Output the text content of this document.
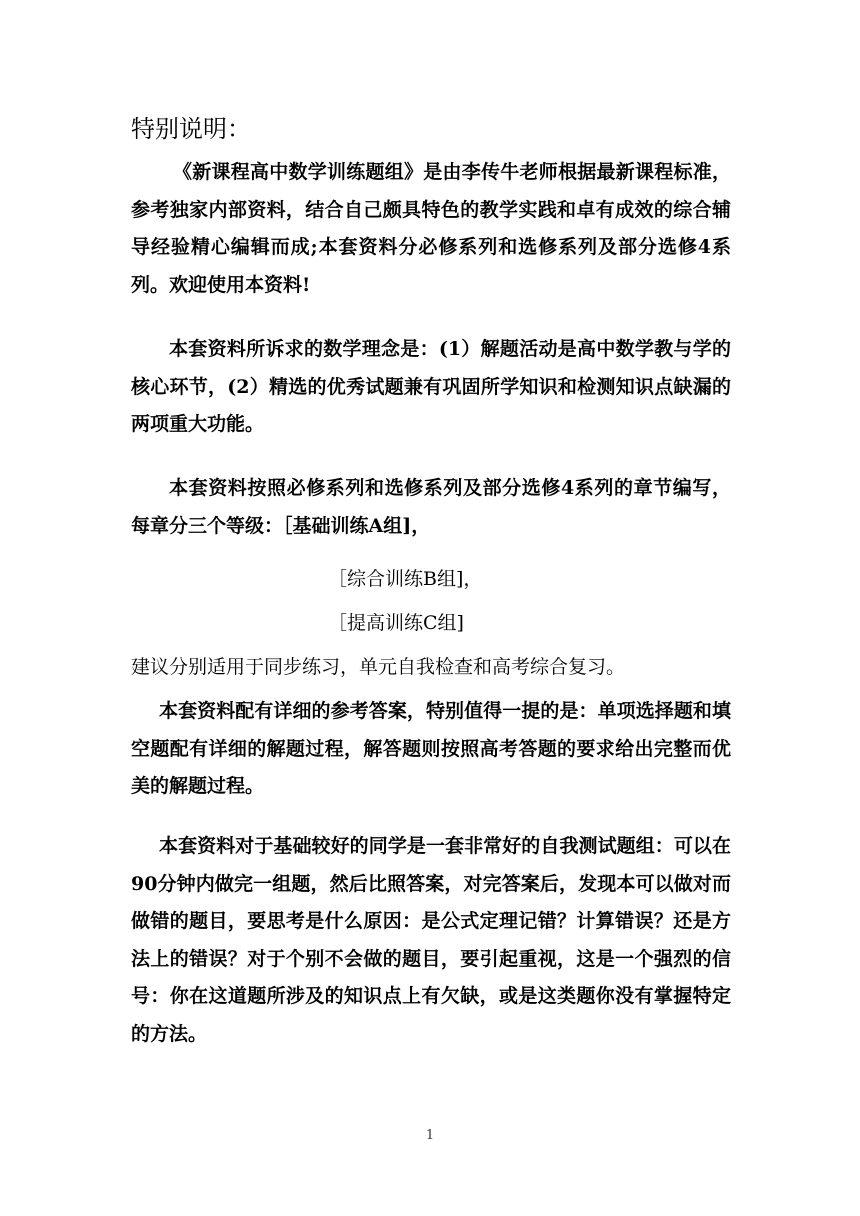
特别说明：

《新课程高中数学训练题组》是由李传牛老师根据最新课程标准，参考独家内部资料，结合自己颇具特色的教学实践和卓有成效的综合辅导经验精心编辑而成;本套资料分必修系列和选修系列及部分选修4系列。欢迎使用本资料!

本套资料所诉求的数学理念是：(1）解题活动是高中数学教与学的核心环节，(2）精选的优秀试题兼有巩固所学知识和检测知识点缺漏的两项重大功能。

本套资料按照必修系列和选修系列及部分选修4系列的章节编写，每章分三个等级：［基础训练A组]，

［综合训练B组]，
［提高训练C组]

建议分别适用于同步练习，单元自我检查和高考综合复习。

本套资料配有详细的参考答案，特别值得一提的是：单项选择题和填空题配有详细的解题过程，解答题则按照高考答题的要求给出完整而优美的解题过程。

本套资料对于基础较好的同学是一套非常好的自我测试题组：可以在90分钟内做完一组题，然后比照答案，对完答案后，发现本可以做对而做错的题目，要思考是什么原因：是公式定理记错？计算错误？还是方法上的错误？对于个别不会做的题目，要引起重视，这是一个强烈的信号：你在这道题所涉及的知识点上有欠缺，或是这类题你没有掌握特定的方法。

1
